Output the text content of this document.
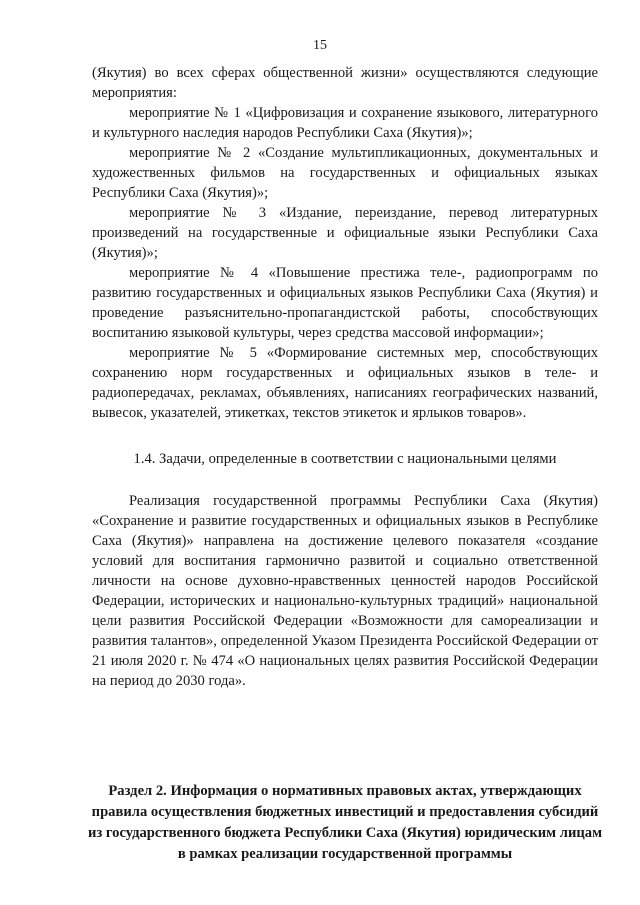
15

(Якутия) во всех сферах общественной жизни» осуществляются следующие мероприятия:

мероприятие № 1 «Цифровизация и сохранение языкового, литературного и культурного наследия народов Республики Саха (Якутия)»;

мероприятие № 2 «Создание мультипликационных, документальных и художественных фильмов на государственных и официальных языках Республики Саха (Якутия)»;

мероприятие № 3 «Издание, переиздание, перевод литературных произведений на государственные и официальные языки Республики Саха (Якутия)»;

мероприятие № 4 «Повышение престижа теле-, радиопрограмм по развитию государственных и официальных языков Республики Саха (Якутия) и проведение разъяснительно-пропагандистской работы, способствующих воспитанию языковой культуры, через средства массовой информации»;

мероприятие № 5 «Формирование системных мер, способствующих сохранению норм государственных и официальных языков в теле- и радиопередачах, рекламах, объявлениях, написаниях географических названий, вывесок, указателей, этикетках, текстов этикеток и ярлыков товаров».

1.4. Задачи, определенные в соответствии с национальными целями

Реализация государственной программы Республики Саха (Якутия) «Сохранение и развитие государственных и официальных языков в Республике Саха (Якутия)» направлена на достижение целевого показателя «создание условий для воспитания гармонично развитой и социально ответственной личности на основе духовно-нравственных ценностей народов Российской Федерации, исторических и национально-культурных традиций» национальной цели развития Российской Федерации «Возможности для самореализации и развития талантов», определенной Указом Президента Российской Федерации от 21 июля 2020 г. № 474 «О национальных целях развития Российской Федерации на период до 2030 года».

Раздел 2. Информация о нормативных правовых актах, утверждающих правила осуществления бюджетных инвестиций и предоставления субсидий из государственного бюджета Республики Саха (Якутия) юридическим лицам в рамках реализации государственной программы
